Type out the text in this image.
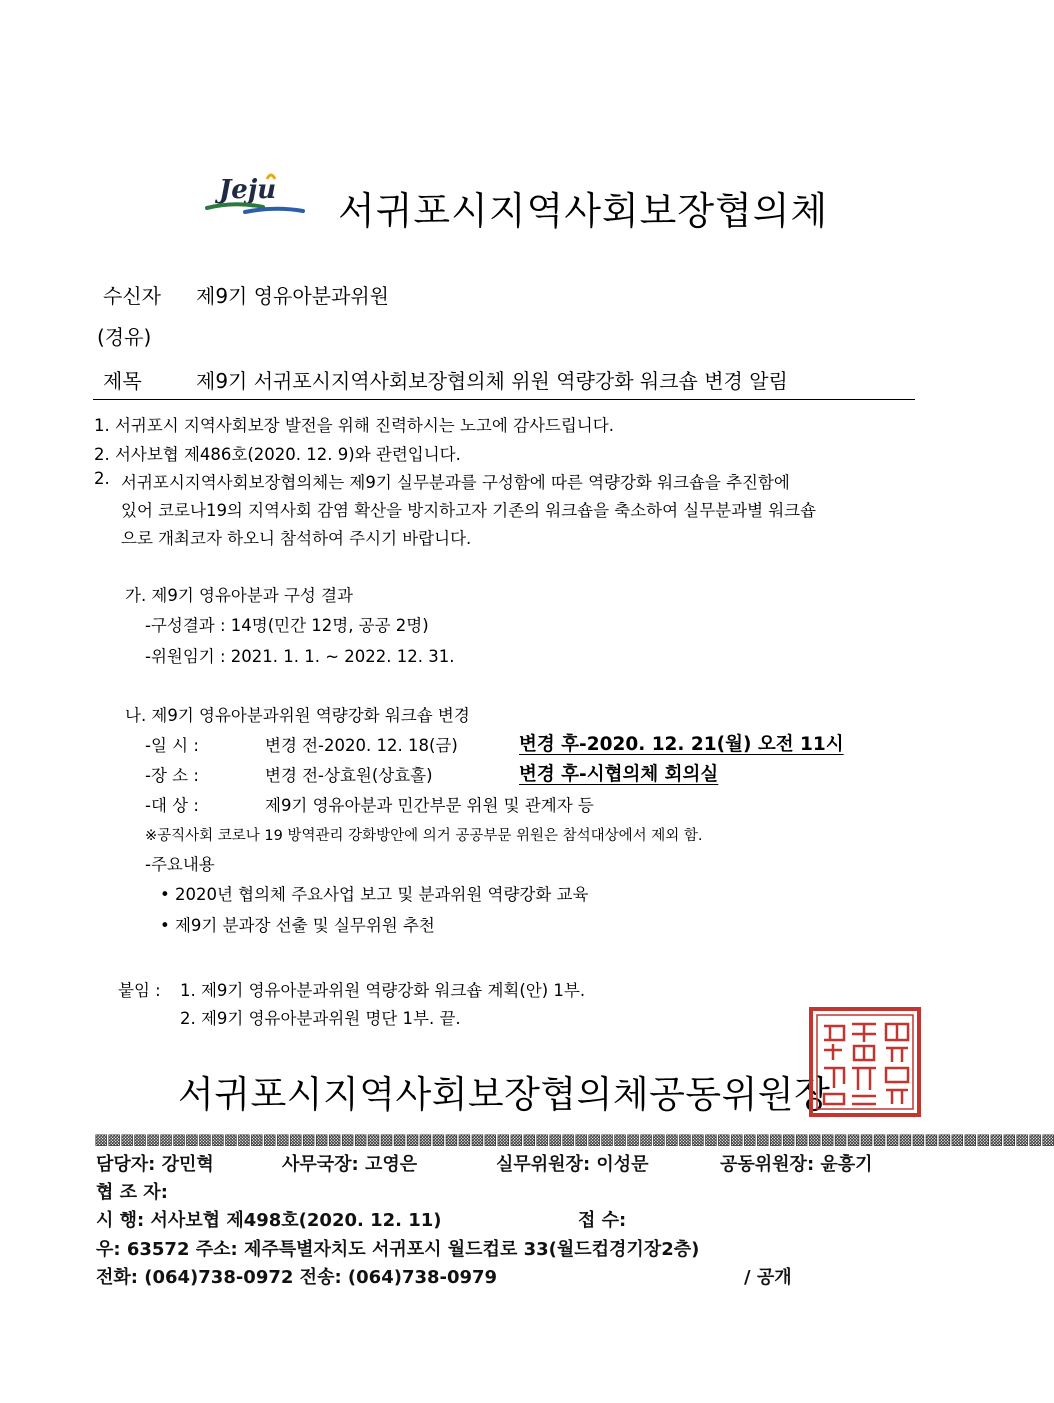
Jeju 서귀포시지역사회보장협의체
수신자 제9기 영유아분과위원
(경유)
제목	제9기 서귀포시지역사회보장협의체 위원 역량강화 워크숍 변경 알림
1. 서귀포시 지역사회보장 발전을 위해 진력하시는 노고에 감사드립니다.
2. 서사보협 제486호(2020. 12. 9)와 관련입니다.
2. 서귀포시지역사회보장협의체는 제9기 실무분과를 구성함에 따른 역량강화 워크숍을 추진함에
있어 코로나19의 지역사회 감염 확산을 방지하고자 기존의 워크숍을 축소하여 실무분과별 워크숍
으로 개최코자 하오니 참석하여 주시기 바랍니다.
가. 제9기 영유아분과 구성 결과
-구성결과 : 14명(민간 12명, 공공 2명)
-위원임기 : 2021. 1. 1. ~ 2022. 12. 31.
나. 제9기 영유아분과위원 역량강화 워크숍 변경
-일 시 :	변경 전-2020. 12. 18(금)	변경 후-2020. 12. 21(월) 오전 11시
-장 소 :	변경 전-상효원(상효홀)	변경 후-시협의체 회의실
-대 상 :	제9기 영유아분과 민간부문 위원 및 관계자 등
※공직사회 코로나 19 방역관리 강화방안에 의거 공공부문 위원은 참석대상에서 제외 함.
-주요내용
• 2020년 협의체 주요사업 보고 및 분과위원 역량강화 교육
• 제9기 분과장 선출 및 실무위원 추천
붙임 : 1. 제9기 영유아분과위원 역량강화 워크숍 계획(안) 1부.
2. 제9기 영유아분과위원 명단 1부. 끝.
서귀포시지역사회보장협의체공동위원장
▩▩▩▩▩▩▩▩▩▩▩▩▩▩▩▩▩▩▩▩▩▩▩▩▩▩▩▩▩▩▩▩▩▩▩▩▩▩▩▩▩▩▩▩▩▩▩▩▩▩▩▩▩▩▩▩▩▩▩▩▩▩▩▩▩▩▩▩▩▩▩▩▩▩
담당자: 강민혁	사무국장: 고영은	실무위원장: 이성문	공동위원장: 윤흥기
협 조 자:
시 행: 서사보협 제498호(2020. 12. 11)	접 수:
우: 63572 주소: 제주특별자치도 서귀포시 월드컵로 33(월드컵경기장2층)
전화: (064)738-0972 전송: (064)738-0979	/ 공개
